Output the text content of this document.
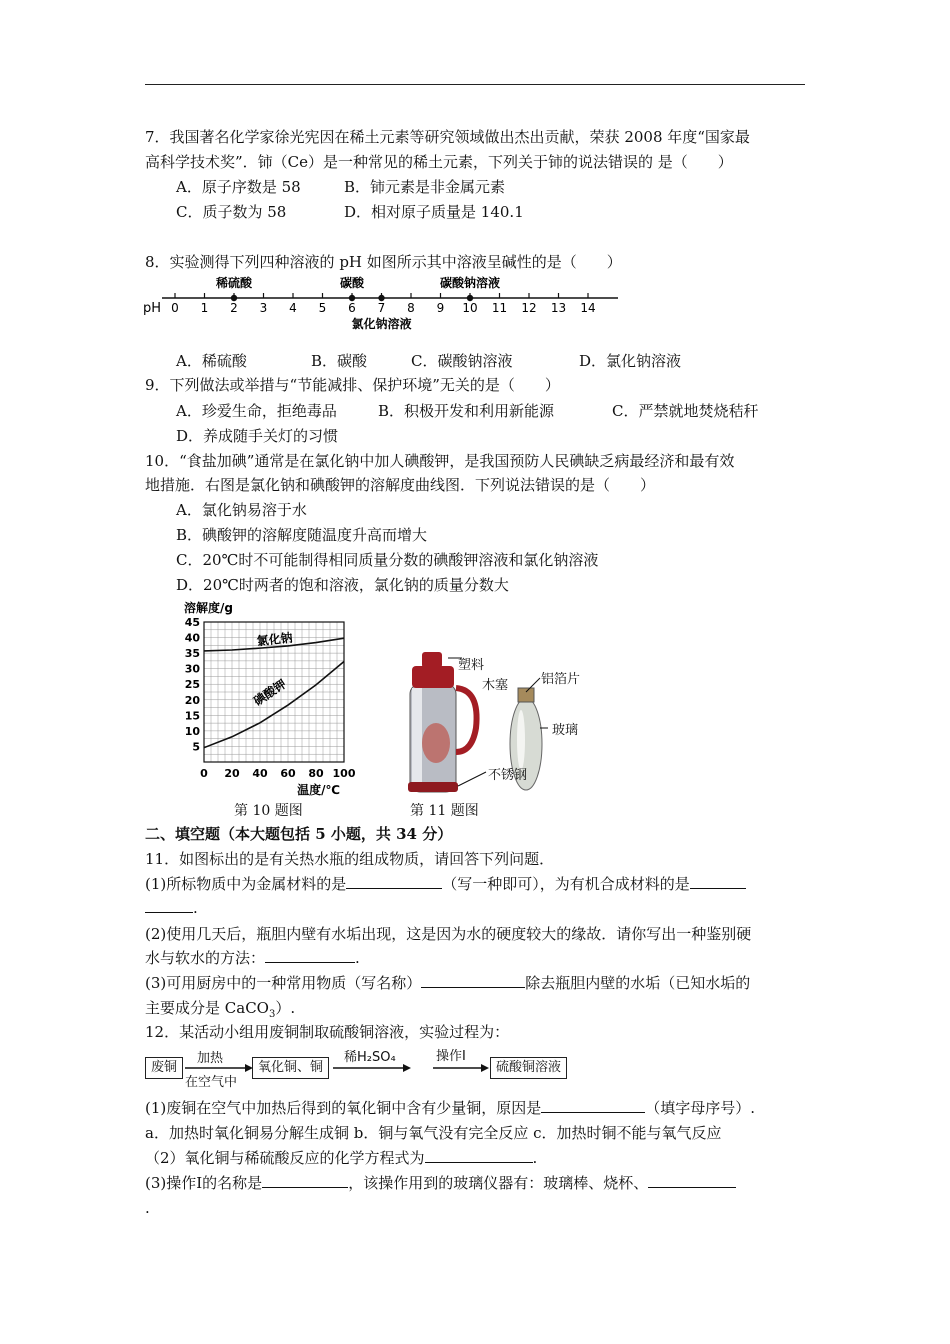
7．我国著名化学家徐光宪因在稀土元素等研究领域做出杰出贡献，荣获 2008 年度“国家最
高科学技术奖”．铈（Ce）是一种常见的稀土元素，下列关于铈的说法错误的 是（　　）
A．原子序数是 58	B．铈元素是非金属元素
C．质子数为 58	D．相对原子质量是 140.1
8．实验测得下列四种溶液的 pH 如图所示其中溶液呈碱性的是（　　）
pH 0 1 2 3 4 5 6 7 8 9 10 11 12 13 14
稀硫酸	碳酸	碳酸钠溶液
氯化钠溶液
A．稀硫酸	B．碳酸	C．碳酸钠溶液	D．氯化钠溶液
9．下列做法或举措与“节能减排、保护环境”无关的是（　　）
A．珍爱生命，拒绝毒品	B．积极开发和利用新能源	C．严禁就地焚烧秸秆
D．养成随手关灯的习惯
10．“食盐加碘”通常是在氯化钠中加人碘酸钾，是我国预防人民碘缺乏病最经济和最有效
地措施．右图是氯化钠和碘酸钾的溶解度曲线图．下列说法错误的是（　　）
A．氯化钠易溶于水
B．碘酸钾的溶解度随温度升高而增大
C．20℃时不可能制得相同质量分数的碘酸钾溶液和氯化钠溶液
D．20℃时两者的饱和溶液，氯化钠的质量分数大
溶解度/g
45
40
35
30
25
20
15
10
5
0 20 40 60 80 100
温度/℃
氯化钠
碘酸钾
第 10 题图
塑料
木塞	铝箔片
玻璃
不锈钢
第 11 题图
二、填空题（本大题包括 5 小题，共 34 分）
11．如图标出的是有关热水瓶的组成物质，请回答下列问题．
(1)所标物质中为金属材料的是	（写一种即可），为有机合成材料的是
.
(2)使用几天后，瓶胆内壁有水垢出现，这是因为水的硬度较大的缘故．请你写出一种鉴别硬
水与软水的方法：	.
(3)可用厨房中的一种常用物质（写名称）	除去瓶胆内壁的水垢（已知水垢的
主要成分是 CaCO$_3$）.
12．某活动小组用废铜制取硫酸铜溶液，实验过程为：
废铜
加热
在空气中
氧化铜、铜
稀H₂SO₄	操作I
硫酸铜溶液
(1)废铜在空气中加热后得到的氧化铜中含有少量铜，原因是	（填字母序号）.
a．加热时氧化铜易分解生成铜 b．铜与氧气没有完全反应 c．加热时铜不能与氧气反应
（2）氧化铜与稀硫酸反应的化学方程式为	.
(3)操作Ⅰ的名称是	，该操作用到的玻璃仪器有：玻璃棒、烧杯、
.
